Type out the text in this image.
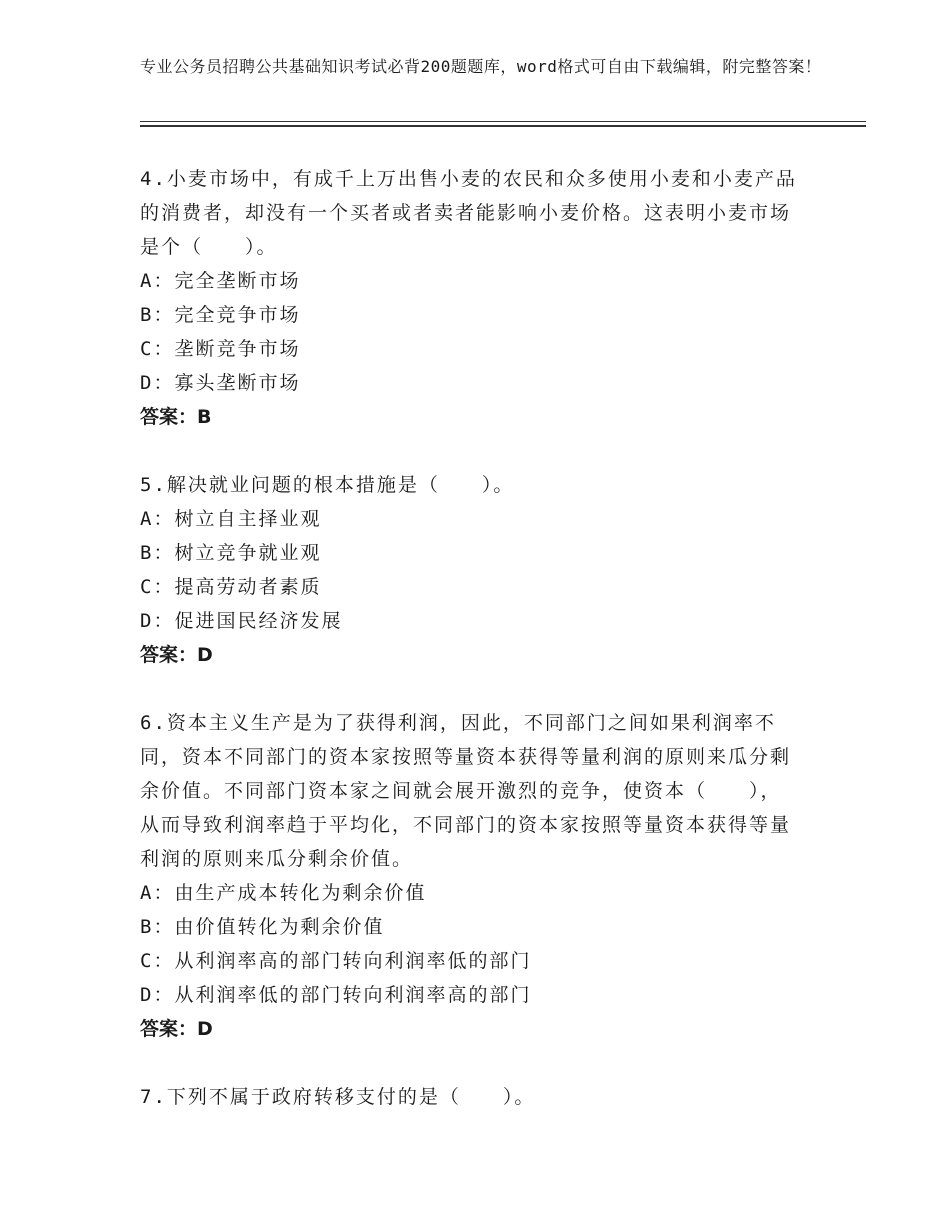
专业公务员招聘公共基础知识考试必背200题题库，word格式可自由下载编辑，附完整答案！
4.小麦市场中，有成千上万出售小麦的农民和众多使用小麦和小麦产品的消费者，却没有一个买者或者卖者能影响小麦价格。这表明小麦市场是个（　　）。
A：完全垄断市场
B：完全竞争市场
C：垄断竞争市场
D：寡头垄断市场
答案：B
5.解决就业问题的根本措施是（　　）。
A：树立自主择业观
B：树立竞争就业观
C：提高劳动者素质
D：促进国民经济发展
答案：D
6.资本主义生产是为了获得利润，因此，不同部门之间如果利润率不同，资本不同部门的资本家按照等量资本获得等量利润的原则来瓜分剩余价值。不同部门资本家之间就会展开激烈的竞争，使资本（　　），从而导致利润率趋于平均化，不同部门的资本家按照等量资本获得等量利润的原则来瓜分剩余价值。
A：由生产成本转化为剩余价值
B：由价值转化为剩余价值
C：从利润率高的部门转向利润率低的部门
D：从利润率低的部门转向利润率高的部门
答案：D
7.下列不属于政府转移支付的是（　　）。
